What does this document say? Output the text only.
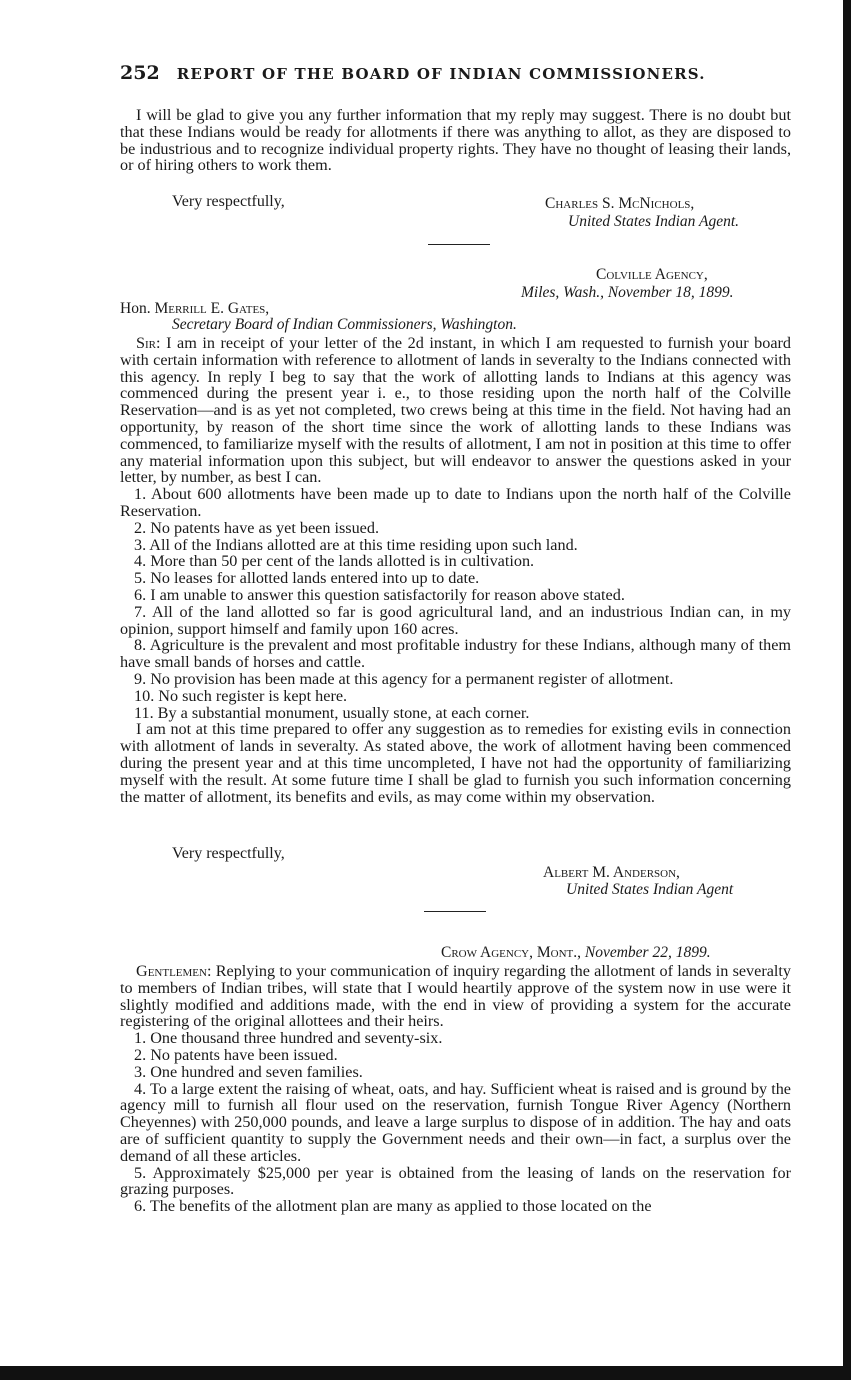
252 REPORT OF THE BOARD OF INDIAN COMMISSIONERS.

I will be glad to give you any further information that my reply may suggest. There is no doubt but that these Indians would be ready for allotments if there was anything to allot, as they are disposed to be industrious and to recognize individual property rights. They have no thought of leasing their lands, or of hiring others to work them.

Very respectfully,	Charles S. McNichols,
United States Indian Agent.
Colville Agency,
Miles, Wash., November 18, 1899.
Hon. Merrill E. Gates,
Secretary Board of Indian Commissioners, Washington.

Sir: I am in receipt of your letter of the 2d instant, in which I am requested to furnish your board with certain information with reference to allotment of lands in severalty to the Indians connected with this agency. In reply I beg to say that the work of allotting lands to Indians at this agency was commenced during the present year i. e., to those residing upon the north half of the Colville Reservation—and is as yet not completed, two crews being at this time in the field. Not having had an opportunity, by reason of the short time since the work of allotting lands to these Indians was commenced, to familiarize myself with the results of allotment, I am not in position at this time to offer any material information upon this subject, but will endeavor to answer the questions asked in your letter, by number, as best I can.

1. About 600 allotments have been made up to date to Indians upon the north half of the Colville Reservation.

2. No patents have as yet been issued.

3. All of the Indians allotted are at this time residing upon such land.

4. More than 50 per cent of the lands allotted is in cultivation.

5. No leases for allotted lands entered into up to date.

6. I am unable to answer this question satisfactorily for reason above stated.

7. All of the land allotted so far is good agricultural land, and an industrious Indian can, in my opinion, support himself and family upon 160 acres.

8. Agriculture is the prevalent and most profitable industry for these Indians, although many of them have small bands of horses and cattle.

9. No provision has been made at this agency for a permanent register of allotment.

10. No such register is kept here.

11. By a substantial monument, usually stone, at each corner.

I am not at this time prepared to offer any suggestion as to remedies for existing evils in connection with allotment of lands in severalty. As stated above, the work of allotment having been commenced during the present year and at this time uncompleted, I have not had the opportunity of familiarizing myself with the result. At some future time I shall be glad to furnish you such information concerning the matter of allotment, its benefits and evils, as may come within my observation.

Very respectfully,
Albert M. Anderson,
United States Indian Agent
Crow Agency, Mont., November 22, 1899.

Gentlemen: Replying to your communication of inquiry regarding the allotment of lands in severalty to members of Indian tribes, will state that I would heartily approve of the system now in use were it slightly modified and additions made, with the end in view of providing a system for the accurate registering of the original allottees and their heirs.

1. One thousand three hundred and seventy-six.

2. No patents have been issued.

3. One hundred and seven families.

4. To a large extent the raising of wheat, oats, and hay. Sufficient wheat is raised and is ground by the agency mill to furnish all flour used on the reservation, furnish Tongue River Agency (Northern Cheyennes) with 250,000 pounds, and leave a large surplus to dispose of in addition. The hay and oats are of sufficient quantity to supply the Government needs and their own—in fact, a surplus over the demand of all these articles.

5. Approximately $25,000 per year is obtained from the leasing of lands on the reservation for grazing purposes.

6. The benefits of the allotment plan are many as applied to those located on the
